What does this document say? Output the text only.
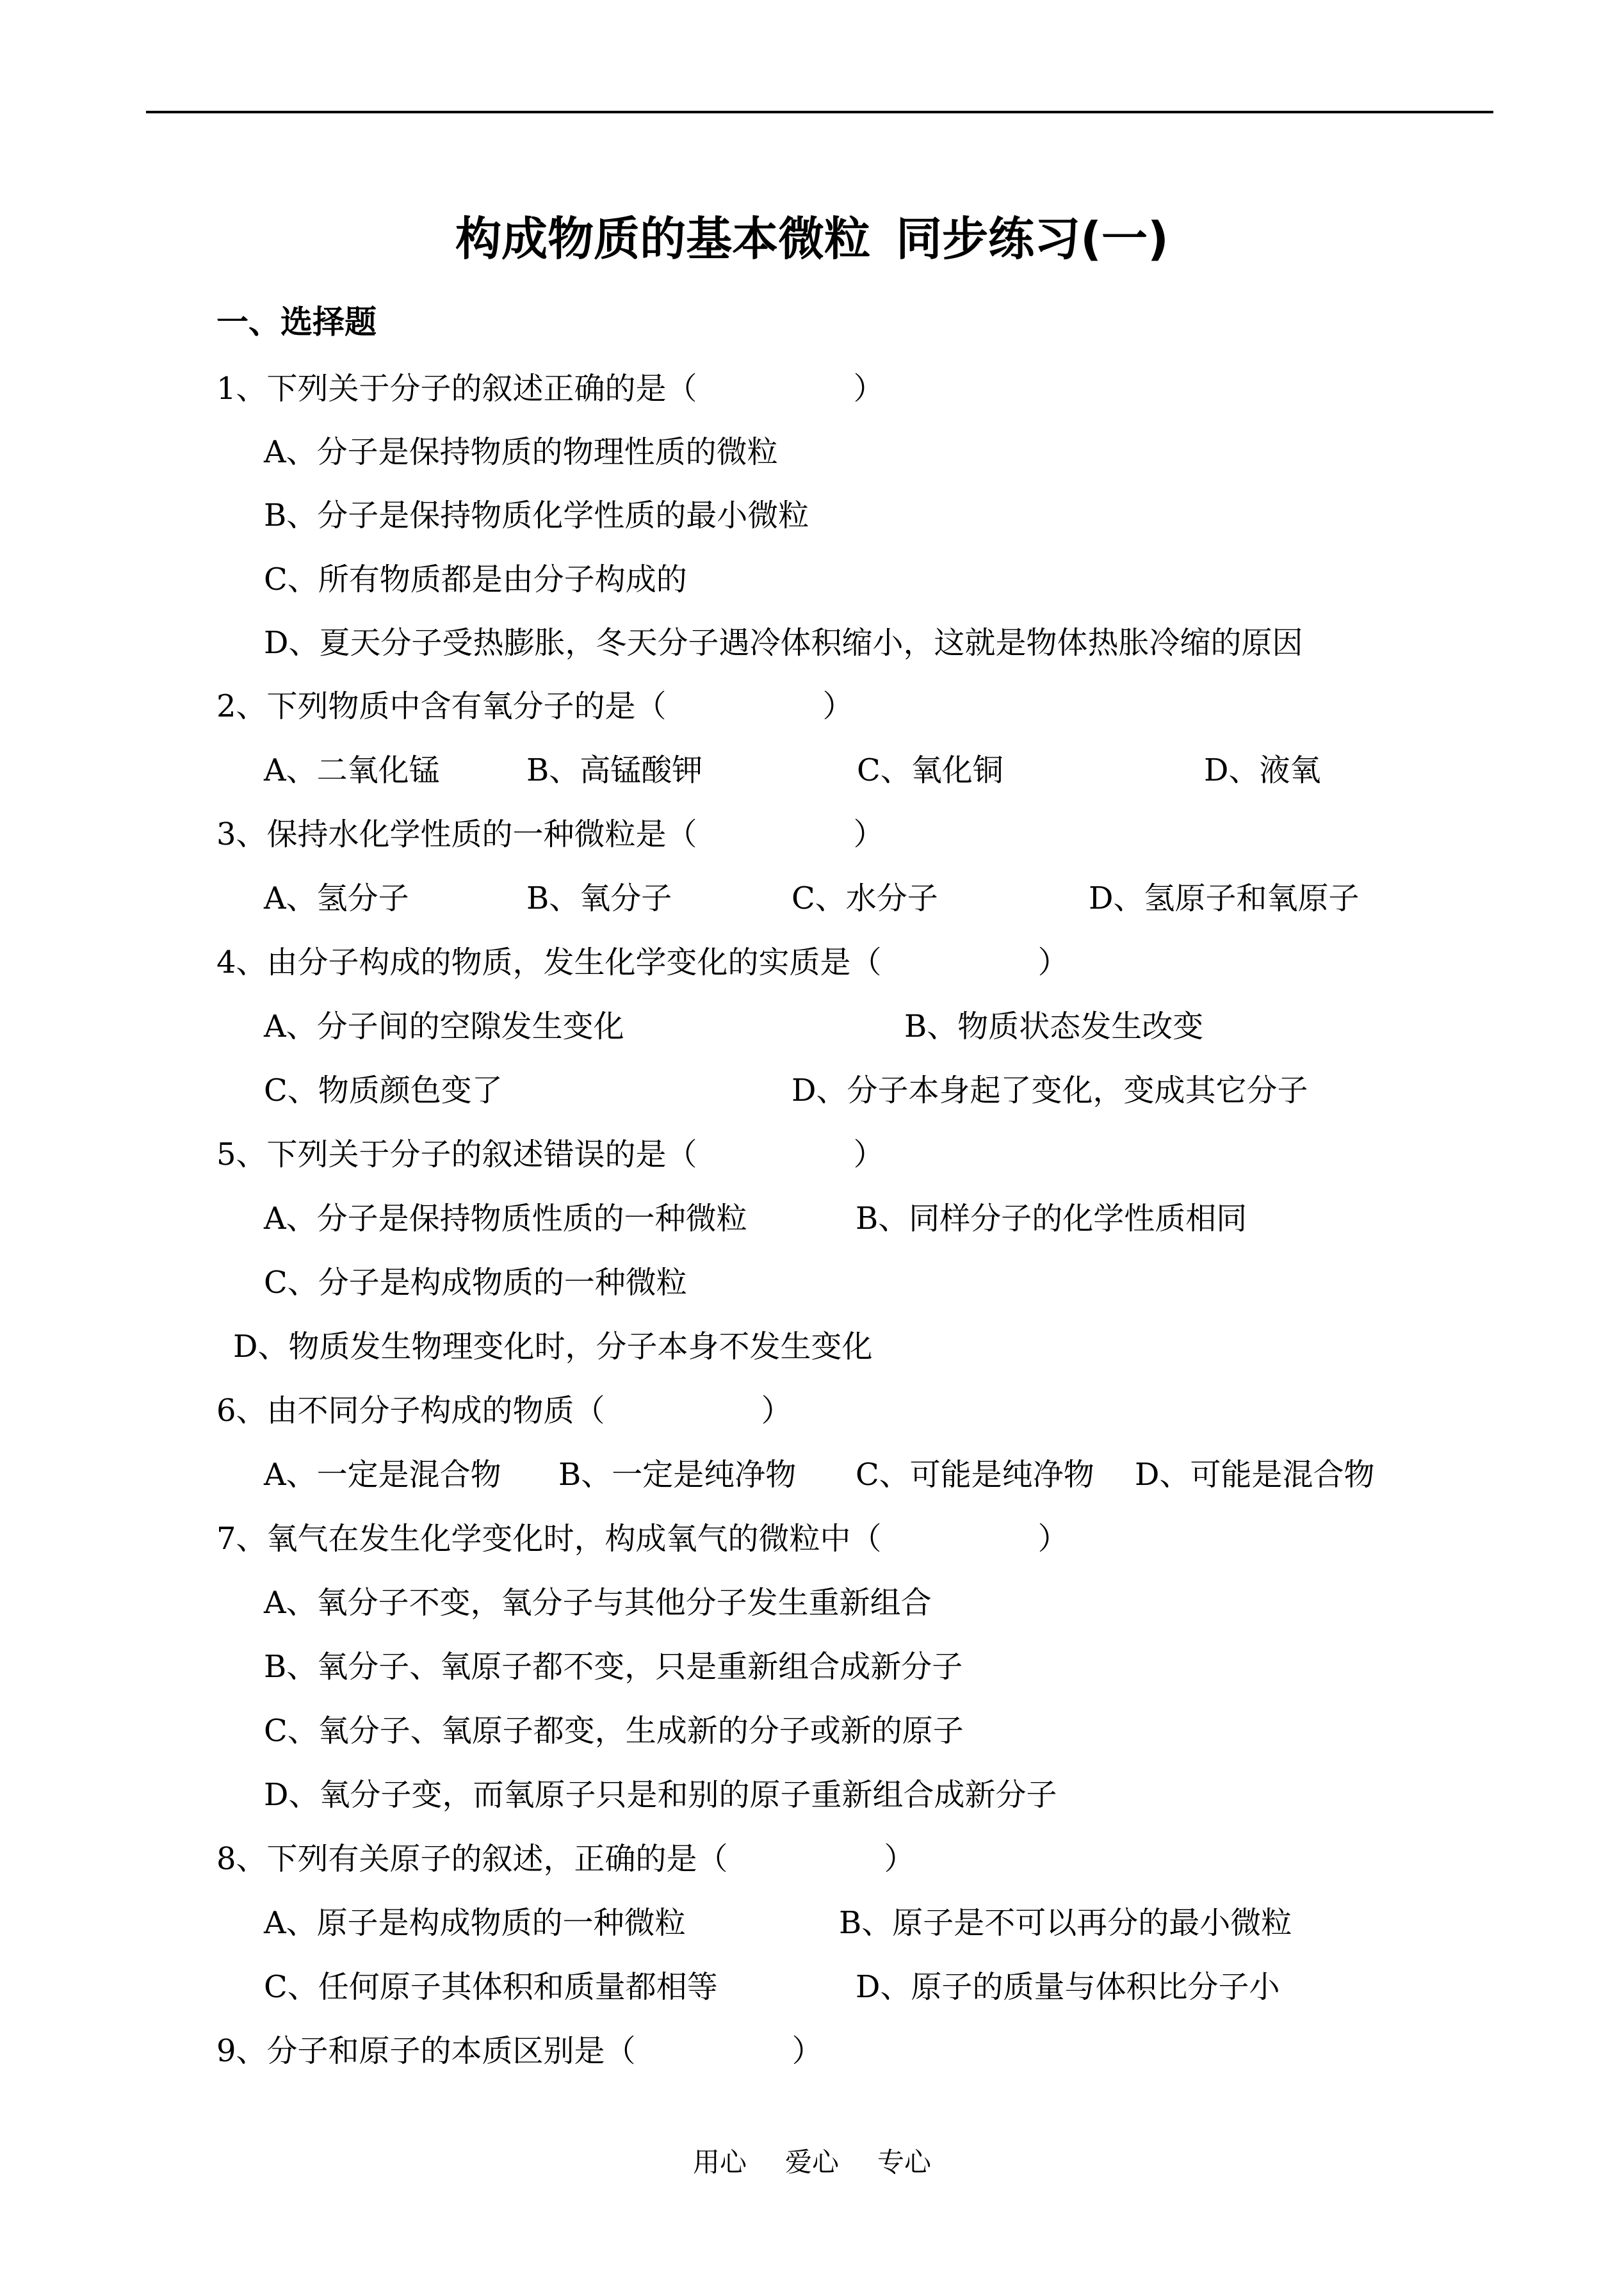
构成物质的基本微粒 同步练习(一)
一、选择题
1、下列关于分子的叙述正确的是（                ）
A、分子是保持物质的物理性质的微粒
B、分子是保持物质化学性质的最小微粒
C、所有物质都是由分子构成的
D、夏天分子受热膨胀，冬天分子遇冷体积缩小，这就是物体热胀冷缩的原因
2、下列物质中含有氧分子的是（                ）
A、二氧化锰	B、高锰酸钾	C、氧化铜	D、液氧
3、保持水化学性质的一种微粒是（                ）
A、氢分子	B、氧分子	C、水分子	D、氢原子和氧原子
4、由分子构成的物质，发生化学变化的实质是（                ）
A、分子间的空隙发生变化	B、物质状态发生改变
C、物质颜色变了	D、分子本身起了变化，变成其它分子
5、下列关于分子的叙述错误的是（                ）
A、分子是保持物质性质的一种微粒	B、同样分子的化学性质相同
C、分子是构成物质的一种微粒
D、物质发生物理变化时，分子本身不发生变化
6、由不同分子构成的物质（                ）
A、一定是混合物 B、一定是纯净物 C、可能是纯净物 D、可能是混合物
7、氧气在发生化学变化时，构成氧气的微粒中（                ）
A、氧分子不变，氧分子与其他分子发生重新组合
B、氧分子、氧原子都不变，只是重新组合成新分子
C、氧分子、氧原子都变，生成新的分子或新的原子
D、氧分子变，而氧原子只是和别的原子重新组合成新分子
8、下列有关原子的叙述，正确的是（                ）
A、原子是构成物质的一种微粒	B、原子是不可以再分的最小微粒
C、任何原子其体积和质量都相等	D、原子的质量与体积比分子小
9、分子和原子的本质区别是（                ）
用心 爱心 专心
